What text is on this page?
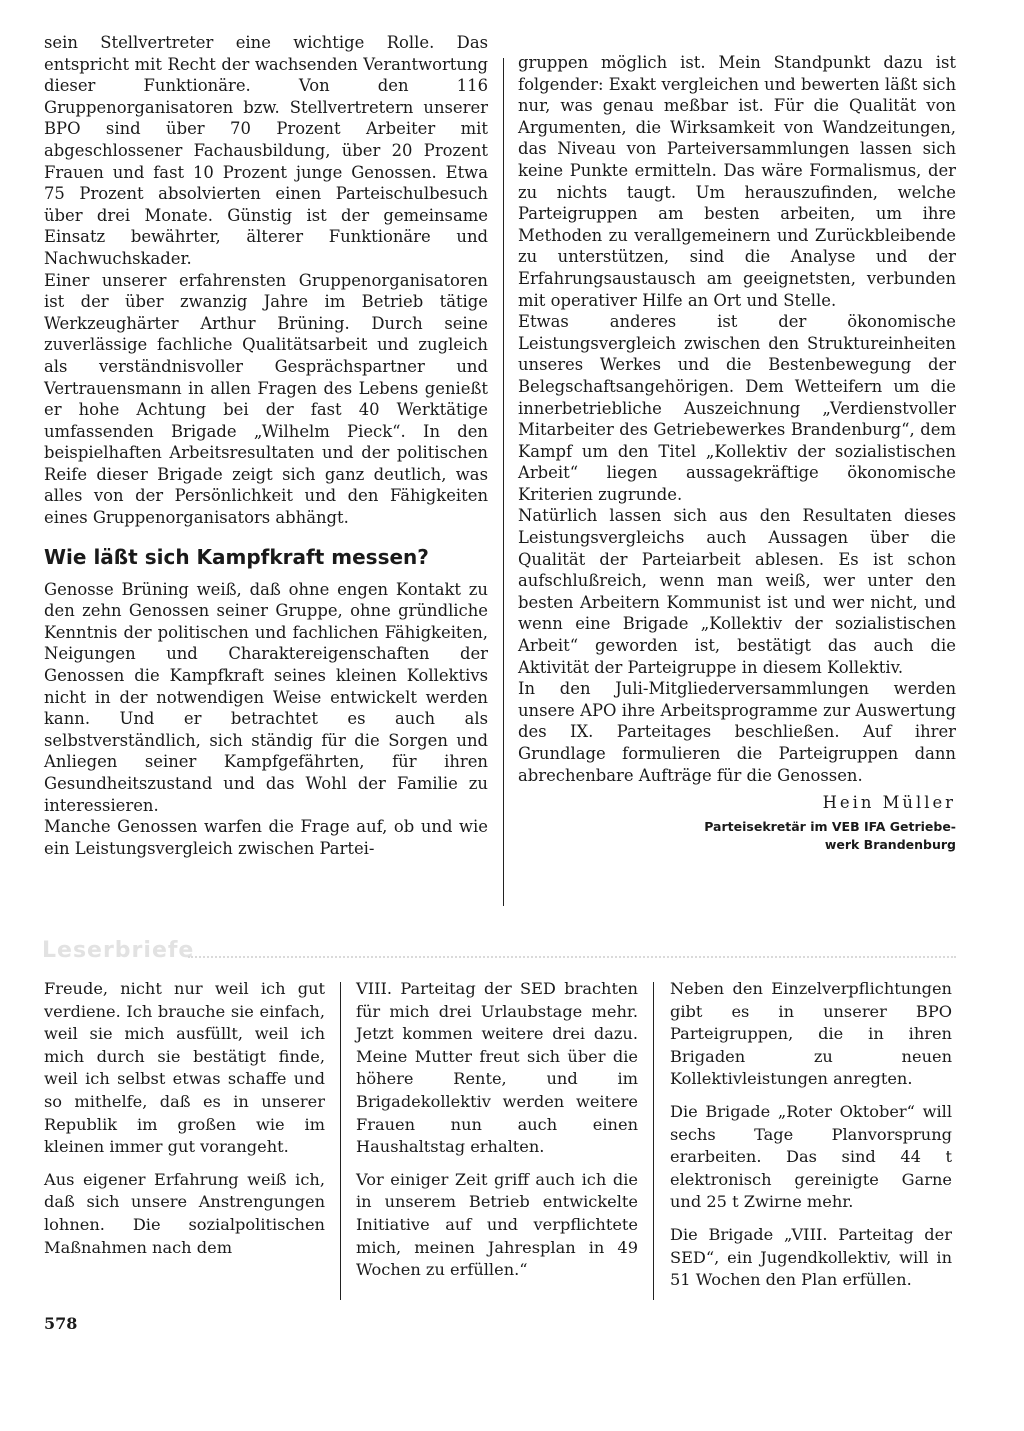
sein Stellvertreter eine wichtige Rolle. Das entspricht mit Recht der wachsenden Verantwortung dieser Funktionäre. Von den 116 Gruppenorganisatoren bzw. Stellvertretern unserer BPO sind über 70 Prozent Arbeiter mit abgeschlossener Fachausbildung, über 20 Prozent Frauen und fast 10 Prozent junge Genossen. Etwa 75 Prozent absolvierten einen Parteischulbesuch über drei Monate. Günstig ist der gemeinsame Einsatz bewährter, älterer Funktionäre und Nachwuchskader.

Einer unserer erfahrensten Gruppenorganisatoren ist der über zwanzig Jahre im Betrieb tätige Werkzeughärter Arthur Brüning. Durch seine zuverlässige fachliche Qualitätsarbeit und zugleich als verständnisvoller Gesprächspartner und Vertrauensmann in allen Fragen des Lebens genießt er hohe Achtung bei der fast 40 Werktätige umfassenden Brigade „Wilhelm Pieck“. In den beispielhaften Arbeitsresultaten und der politischen Reife dieser Brigade zeigt sich ganz deutlich, was alles von der Persönlichkeit und den Fähigkeiten eines Gruppenorganisators abhängt.

Wie läßt sich Kampfkraft messen?

Genosse Brüning weiß, daß ohne engen Kontakt zu den zehn Genossen seiner Gruppe, ohne gründliche Kenntnis der politischen und fachlichen Fähigkeiten, Neigungen und Charaktereigenschaften der Genossen die Kampfkraft seines kleinen Kollektivs nicht in der notwendigen Weise entwickelt werden kann. Und er betrachtet es auch als selbstverständlich, sich ständig für die Sorgen und Anliegen seiner Kampfgefährten, für ihren Gesundheitszustand und das Wohl der Familie zu interessieren.

Manche Genossen warfen die Frage auf, ob und wie ein Leistungsvergleich zwischen Partei-

gruppen möglich ist. Mein Standpunkt dazu ist folgender: Exakt vergleichen und bewerten läßt sich nur, was genau meßbar ist. Für die Qualität von Argumenten, die Wirksamkeit von Wandzeitungen, das Niveau von Parteiversammlungen lassen sich keine Punkte ermitteln. Das wäre Formalismus, der zu nichts taugt. Um herauszufinden, welche Parteigruppen am besten arbeiten, um ihre Methoden zu verallgemeinern und Zurückbleibende zu unterstützen, sind die Analyse und der Erfahrungsaustausch am geeignetsten, verbunden mit operativer Hilfe an Ort und Stelle.

Etwas anderes ist der ökonomische Leistungsvergleich zwischen den Struktureinheiten unseres Werkes und die Bestenbewegung der Belegschaftsangehörigen. Dem Wetteifern um die innerbetriebliche Auszeichnung „Verdienstvoller Mitarbeiter des Getriebewerkes Brandenburg“, dem Kampf um den Titel „Kollektiv der sozialistischen Arbeit“ liegen aussagekräftige ökonomische Kriterien zugrunde.

Natürlich lassen sich aus den Resultaten dieses Leistungsvergleichs auch Aussagen über die Qualität der Parteiarbeit ablesen. Es ist schon aufschlußreich, wenn man weiß, wer unter den besten Arbeitern Kommunist ist und wer nicht, und wenn eine Brigade „Kollektiv der sozialistischen Arbeit“ geworden ist, bestätigt das auch die Aktivität der Parteigruppe in diesem Kollektiv.

In den Juli-Mitgliederversammlungen werden unsere APO ihre Arbeitsprogramme zur Auswertung des IX. Parteitages beschließen. Auf ihrer Grundlage formulieren die Parteigruppen dann abrechenbare Aufträge für die Genossen.

Hein Müller
Parteisekretär im VEB IFA Getriebe-
werk Brandenburg
Leserbriefe

Freude, nicht nur weil ich gut verdiene. Ich brauche sie einfach, weil sie mich ausfüllt, weil ich mich durch sie bestätigt finde, weil ich selbst etwas schaffe und so mithelfe, daß es in unserer Republik im großen wie im kleinen immer gut vorangeht.

Aus eigener Erfahrung weiß ich, daß sich unsere Anstrengungen lohnen. Die sozialpolitischen Maßnahmen nach dem

VIII. Parteitag der SED brachten für mich drei Urlaubstage mehr. Jetzt kommen weitere drei dazu. Meine Mutter freut sich über die höhere Rente, und im Brigadekollektiv werden weitere Frauen nun auch einen Haushaltstag erhalten.

Vor einiger Zeit griff auch ich die in unserem Betrieb entwickelte Initiative auf und verpflichtete mich, meinen Jahresplan in 49 Wochen zu erfüllen.“

Neben den Einzelverpflichtungen gibt es in unserer BPO Parteigruppen, die in ihren Brigaden zu neuen Kollektivleistungen anregten.

Die Brigade „Roter Oktober“ will sechs Tage Planvorsprung erarbeiten. Das sind 44 t elektronisch gereinigte Garne und 25 t Zwirne mehr.

Die Brigade „VIII. Parteitag der SED“, ein Jugendkollektiv, will in 51 Wochen den Plan erfüllen.

578
